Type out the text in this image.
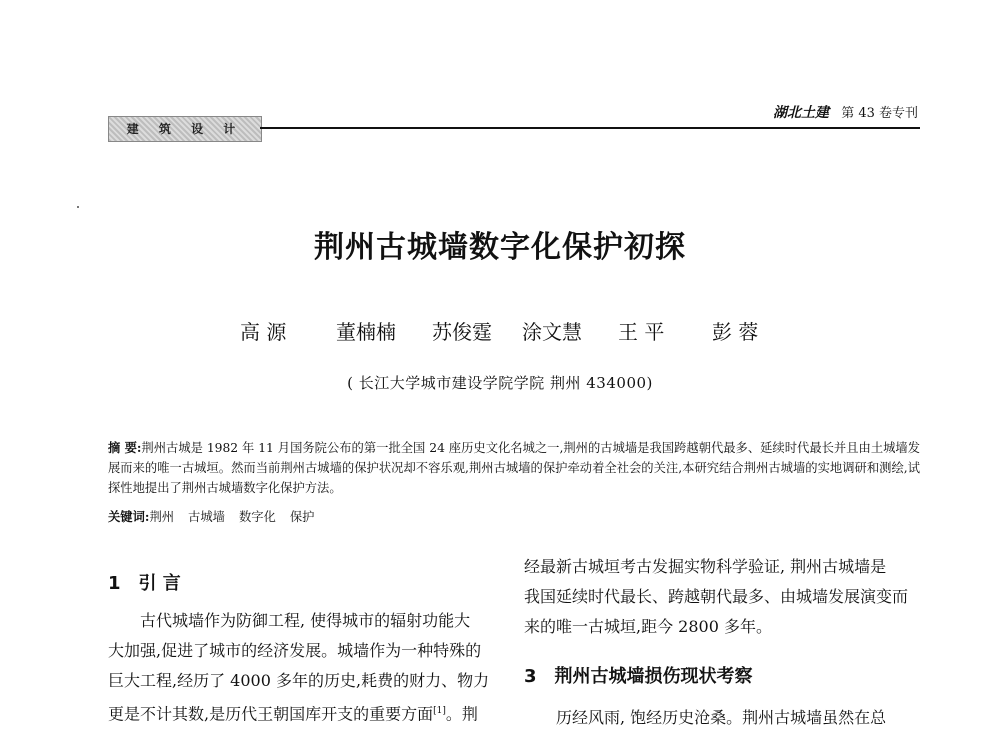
建 筑 设 计
湖北土建 第 43 卷专刊
荆州古城墙数字化保护初探
高 源 董楠楠 苏俊霆 涂文慧 王 平 彭 蓉
( 长江大学城市建设学院学院 荆州 434000)
摘 要:荆州古城是 1982 年 11 月国务院公布的第一批全国 24 座历史文化名城之一,荆州的古城墙是我国跨越朝代最多、延续时代最长并且由土城墙发展而来的唯一古城垣。然而当前荆州古城墙的保护状况却不容乐观,荆州古城墙的保护牵动着全社会的关注,本研究结合荆州古城墙的实地调研和测绘,试探性地提出了荆州古城墙数字化保护方法。
关键词:荆州 古城墙 数字化 保护
1 引 言
古代城墙作为防御工程, 使得城市的辐射功能大
大加强,促进了城市的经济发展。城墙作为一种特殊的
巨大工程,经历了 4000 多年的历史,耗费的财力、物力
更是不计其数,是历代王朝国库开支的重要方面[1]。荆
经最新古城垣考古发掘实物科学验证, 荆州古城墙是
我国延续时代最长、跨越朝代最多、由城墙发展演变而
来的唯一古城垣,距今 2800 多年。
3 荆州古城墙损伤现状考察
历经风雨, 饱经历史沧桑。荆州古城墙虽然在总
